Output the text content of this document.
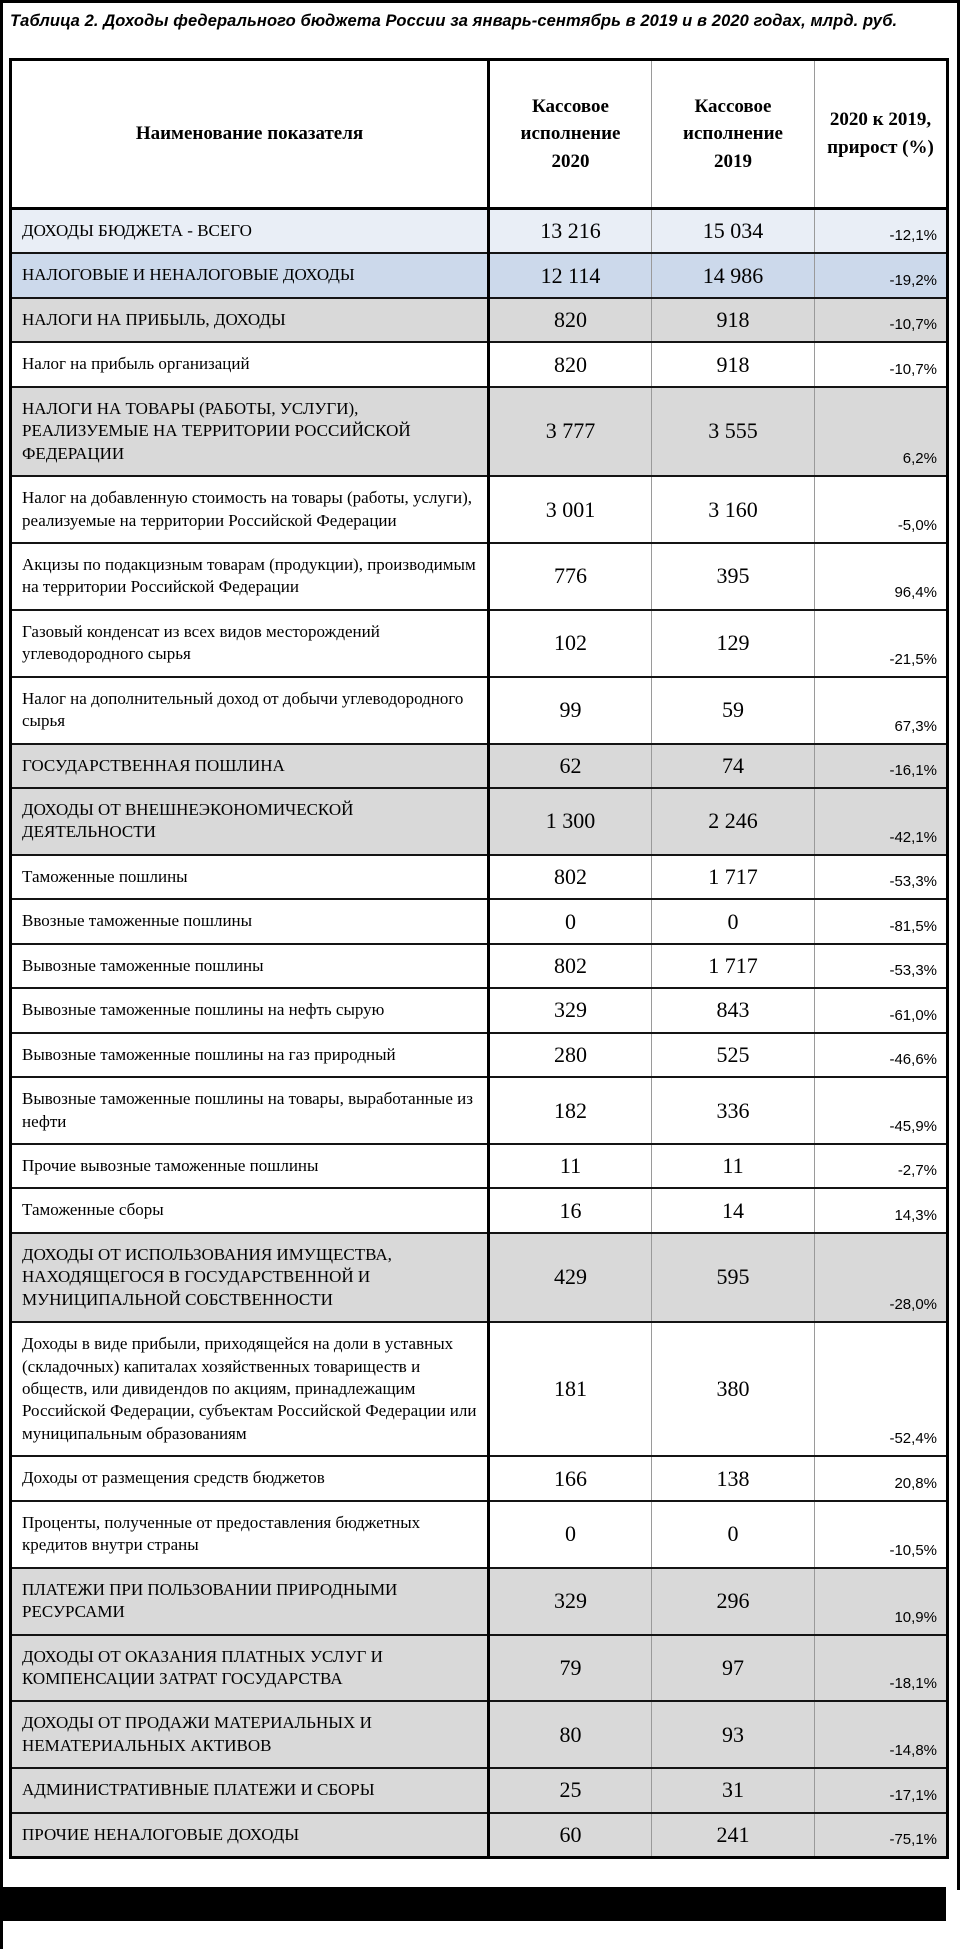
Таблица 2. Доходы федерального бюджета России за январь-сентябрь в 2019 и в 2020 годах, млрд. руб.
Наименование показателя	Кассовое исполнение 2020	Кассовое исполнение 2019	2020 к 2019, прирост (%)
ДОХОДЫ БЮДЖЕТА - ВСЕГО	13 216	15 034	-12,1%
НАЛОГОВЫЕ И НЕНАЛОГОВЫЕ ДОХОДЫ	12 114	14 986	-19,2%
НАЛОГИ НА ПРИБЫЛЬ, ДОХОДЫ	820	918	-10,7%
Налог на прибыль организаций	820	918	-10,7%
НАЛОГИ НА ТОВАРЫ (РАБОТЫ, УСЛУГИ), РЕАЛИЗУЕМЫЕ НА ТЕРРИТОРИИ РОССИЙСКОЙ ФЕДЕРАЦИИ	3 777	3 555	6,2%
Налог на добавленную стоимость на товары (работы, услуги), реализуемые на территории Российской Федерации	3 001	3 160	-5,0%
Акцизы по подакцизным товарам (продукции), производимым на территории Российской Федерации	776	395	96,4%
Газовый конденсат из всех видов месторождений углеводородного сырья	102	129	-21,5%
Налог на дополнительный доход от добычи углеводородного сырья	99	59	67,3%
ГОСУДАРСТВЕННАЯ ПОШЛИНА	62	74	-16,1%
ДОХОДЫ ОТ ВНЕШНЕЭКОНОМИЧЕСКОЙ ДЕЯТЕЛЬНОСТИ	1 300	2 246	-42,1%
Таможенные пошлины	802	1 717	-53,3%
Ввозные таможенные пошлины	0	0	-81,5%
Вывозные таможенные пошлины	802	1 717	-53,3%
Вывозные таможенные пошлины на нефть сырую	329	843	-61,0%
Вывозные таможенные пошлины на газ природный	280	525	-46,6%
Вывозные таможенные пошлины на товары, выработанные из нефти	182	336	-45,9%
Прочие вывозные таможенные пошлины	11	11	-2,7%
Таможенные сборы	16	14	14,3%
ДОХОДЫ ОТ ИСПОЛЬЗОВАНИЯ ИМУЩЕСТВА, НАХОДЯЩЕГОСЯ В ГОСУДАРСТВЕННОЙ И МУНИЦИПАЛЬНОЙ СОБСТВЕННОСТИ	429	595	-28,0%
Доходы в виде прибыли, приходящейся на доли в уставных (складочных) капиталах хозяйственных товариществ и обществ, или дивидендов по акциям, принадлежащим Российской Федерации, субъектам Российской Федерации или муниципальным образованиям	181	380	-52,4%
Доходы от размещения средств бюджетов	166	138	20,8%
Проценты, полученные от предоставления бюджетных кредитов внутри страны	0	0	-10,5%
ПЛАТЕЖИ ПРИ ПОЛЬЗОВАНИИ ПРИРОДНЫМИ РЕСУРСАМИ	329	296	10,9%
ДОХОДЫ ОТ ОКАЗАНИЯ ПЛАТНЫХ УСЛУГ И КОМПЕНСАЦИИ ЗАТРАТ ГОСУДАРСТВА	79	97	-18,1%
ДОХОДЫ ОТ ПРОДАЖИ МАТЕРИАЛЬНЫХ И НЕМАТЕРИАЛЬНЫХ АКТИВОВ	80	93	-14,8%
АДМИНИСТРАТИВНЫЕ ПЛАТЕЖИ И СБОРЫ	25	31	-17,1%
ПРОЧИЕ НЕНАЛОГОВЫЕ ДОХОДЫ	60	241	-75,1%
